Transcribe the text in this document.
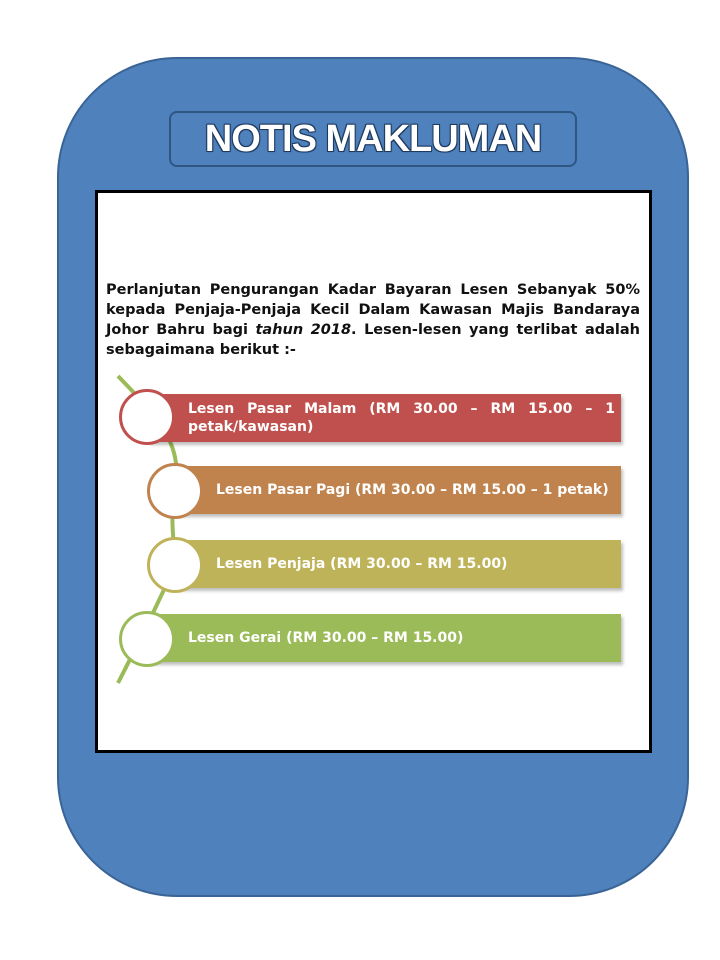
NOTIS MAKLUMAN
Perlanjutan Pengurangan Kadar Bayaran Lesen Sebanyak 50% kepada Penjaja-Penjaja Kecil Dalam Kawasan Majis Bandaraya Johor Bahru bagi tahun 2018. Lesen-lesen yang terlibat adalah sebagaimana berikut :-
Lesen Pasar Malam (RM 30.00 – RM 15.00 – 1 petak/kawasan)
Lesen Pasar Pagi (RM 30.00 – RM 15.00 – 1 petak)
Lesen Penjaja (RM 30.00 – RM 15.00)
Lesen Gerai (RM 30.00 – RM 15.00)
